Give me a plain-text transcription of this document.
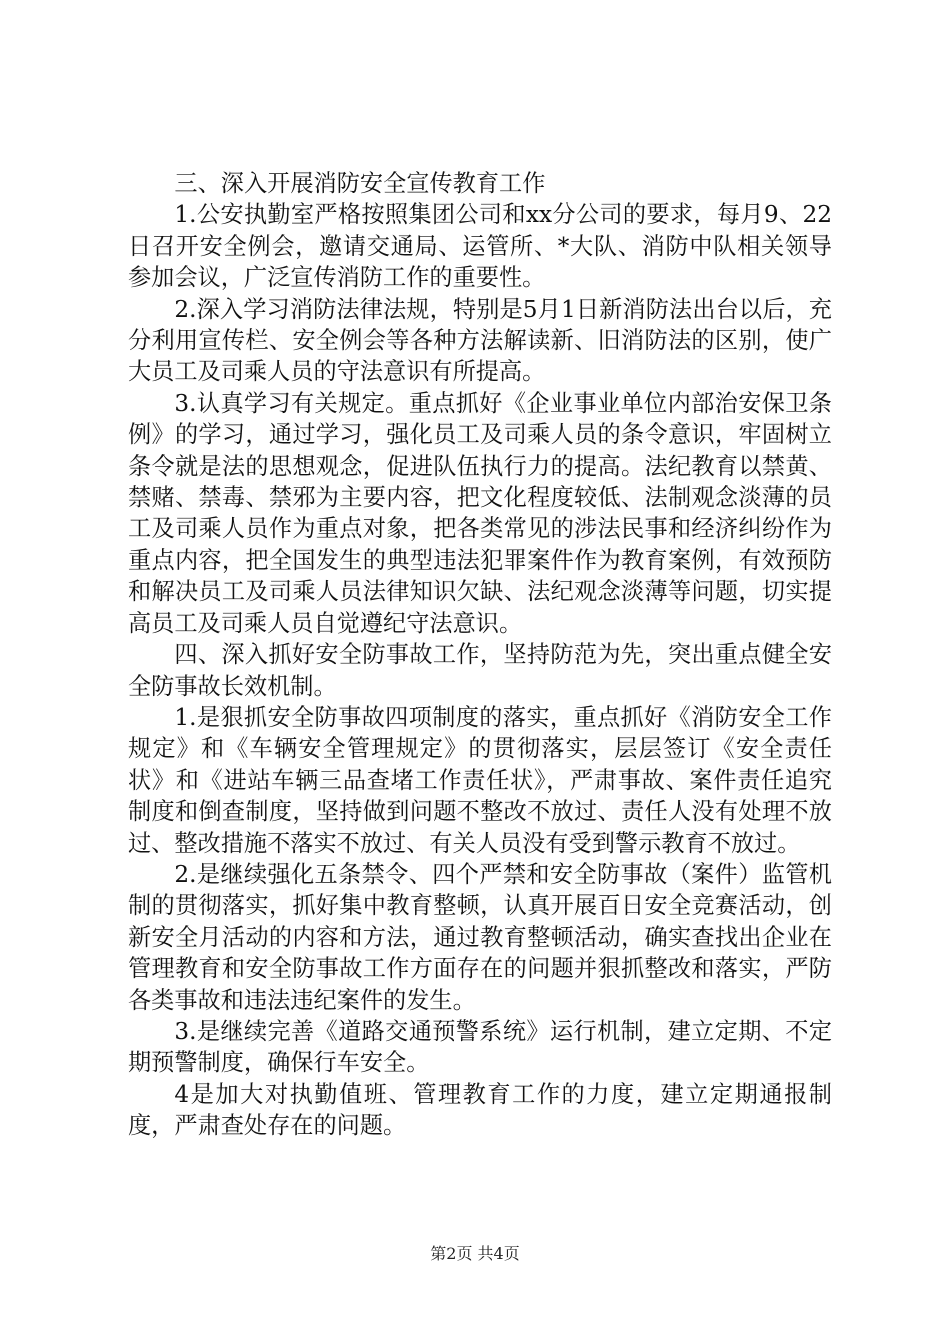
三、深入开展消防安全宣传教育工作

1.公安执勤室严格按照集团公司和xx分公司的要求，每月9、22日召开安全例会，邀请交通局、运管所、*大队、消防中队相关领导参加会议，广泛宣传消防工作的重要性。

2.深入学习消防法律法规，特别是5月1日新消防法出台以后，充分利用宣传栏、安全例会等各种方法解读新、旧消防法的区别，使广大员工及司乘人员的守法意识有所提高。

3.认真学习有关规定。重点抓好《企业事业单位内部治安保卫条例》的学习，通过学习，强化员工及司乘人员的条令意识，牢固树立条令就是法的思想观念，促进队伍执行力的提高。法纪教育以禁黄、禁赌、禁毒、禁邪为主要内容，把文化程度较低、法制观念淡薄的员工及司乘人员作为重点对象，把各类常见的涉法民事和经济纠纷作为重点内容，把全国发生的典型违法犯罪案件作为教育案例，有效预防和解决员工及司乘人员法律知识欠缺、法纪观念淡薄等问题，切实提高员工及司乘人员自觉遵纪守法意识。

四、深入抓好安全防事故工作，坚持防范为先，突出重点健全安全防事故长效机制。

1.是狠抓安全防事故四项制度的落实，重点抓好《消防安全工作规定》和《车辆安全管理规定》的贯彻落实，层层签订《安全责任状》和《进站车辆三品查堵工作责任状》，严肃事故、案件责任追究制度和倒查制度，坚持做到问题不整改不放过、责任人没有处理不放过、整改措施不落实不放过、有关人员没有受到警示教育不放过。

2.是继续强化五条禁令、四个严禁和安全防事故（案件）监管机制的贯彻落实，抓好集中教育整顿，认真开展百日安全竞赛活动，创新安全月活动的内容和方法，通过教育整顿活动，确实查找出企业在管理教育和安全防事故工作方面存在的问题并狠抓整改和落实，严防各类事故和违法违纪案件的发生。

3.是继续完善《道路交通预警系统》运行机制，建立定期、不定期预警制度，确保行车安全。

4是加大对执勤值班、管理教育工作的力度，建立定期通报制度，严肃查处存在的问题。

第2页 共4页
